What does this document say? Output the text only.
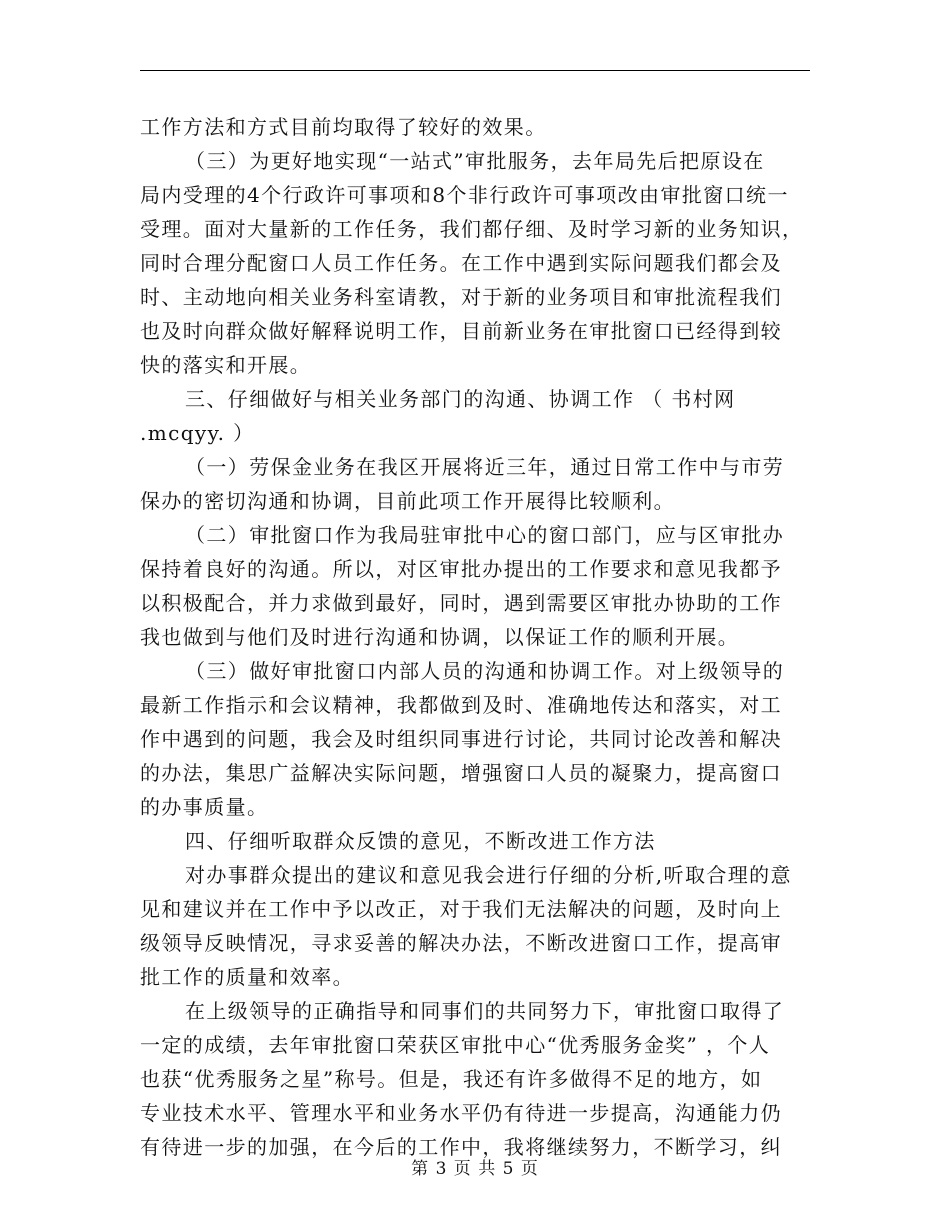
工作方法和方式目前均取得了较好的效果。
（三）为更好地实现“一站式”审批服务，去年局先后把原设在
局内受理的4个行政许可事项和8个非行政许可事项改由审批窗口统一
受理。面对大量新的工作任务，我们都仔细、及时学习新的业务知识，
同时合理分配窗口人员工作任务。在工作中遇到实际问题我们都会及
时、主动地向相关业务科室请教，对于新的业务项目和审批流程我们
也及时向群众做好解释说明工作，目前新业务在审批窗口已经得到较
快的落实和开展。
三、仔细做好与相关业务部门的沟通、协调工作 （ 书村网
.mcqyy. ）
（一）劳保金业务在我区开展将近三年，通过日常工作中与市劳
保办的密切沟通和协调，目前此项工作开展得比较顺利。
（二）审批窗口作为我局驻审批中心的窗口部门，应与区审批办
保持着良好的沟通。所以，对区审批办提出的工作要求和意见我都予
以积极配合，并力求做到最好，同时，遇到需要区审批办协助的工作
我也做到与他们及时进行沟通和协调，以保证工作的顺利开展。
（三）做好审批窗口内部人员的沟通和协调工作。对上级领导的
最新工作指示和会议精神，我都做到及时、准确地传达和落实，对工
作中遇到的问题，我会及时组织同事进行讨论，共同讨论改善和解决
的办法，集思广益解决实际问题，增强窗口人员的凝聚力，提高窗口
的办事质量。
四、仔细听取群众反馈的意见，不断改进工作方法
对办事群众提出的建议和意见我会进行仔细的分析,听取合理的意
见和建议并在工作中予以改正，对于我们无法解决的问题，及时向上
级领导反映情况，寻求妥善的解决办法，不断改进窗口工作，提高审
批工作的质量和效率。
在上级领导的正确指导和同事们的共同努力下，审批窗口取得了
一定的成绩，去年审批窗口荣获区审批中心“优秀服务金奖” ，个人
也获“优秀服务之星”称号。但是，我还有许多做得不足的地方，如
专业技术水平、管理水平和业务水平仍有待进一步提高，沟通能力仍
有待进一步的加强，在今后的工作中，我将继续努力，不断学习，纠
第 3 页 共 5 页
